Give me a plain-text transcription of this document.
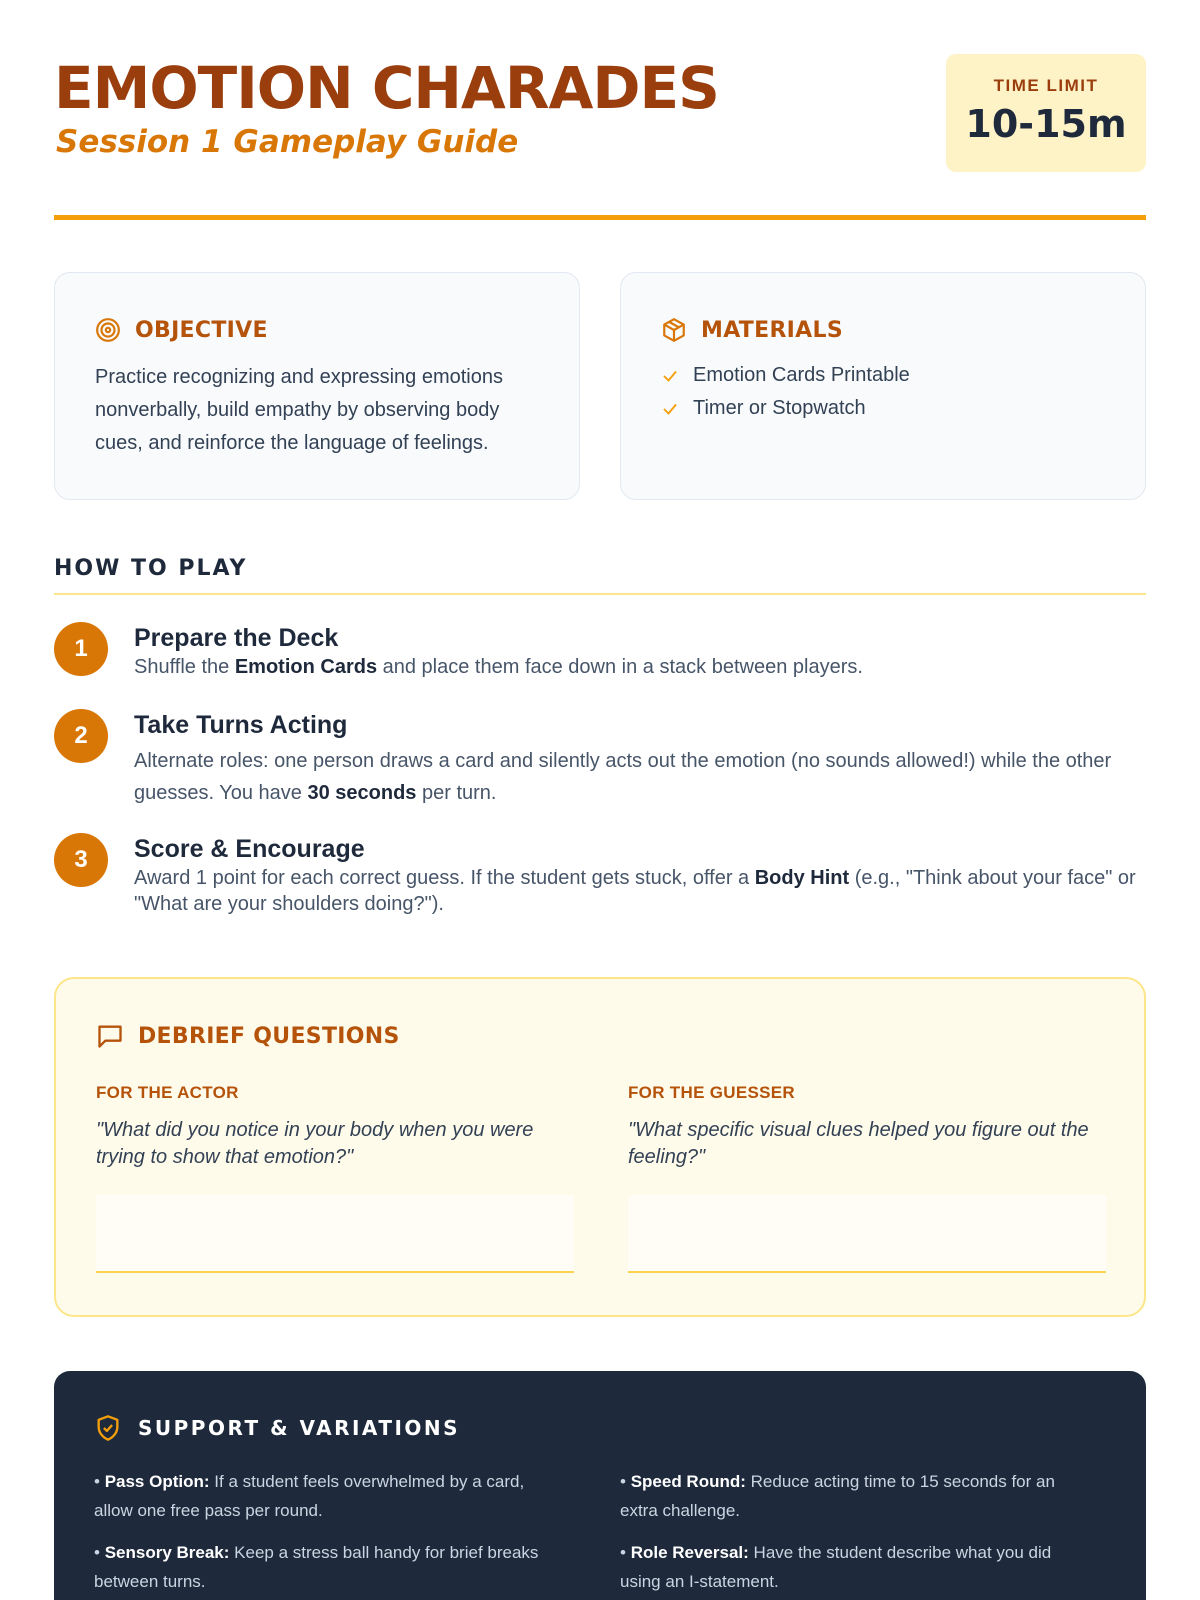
EMOTION CHARADES
Session 1 Gameplay Guide
TIME LIMIT
10-15m
OBJECTIVE

Practice recognizing and expressing emotions nonverbally, build empathy by observing body cues, and reinforce the language of feelings.

MATERIALS
Emotion Cards Printable
Timer or Stopwatch
HOW TO PLAY
1	Prepare the Deck

Shuffle the Emotion Cards and place them face down in a stack between players.

2	Take Turns Acting

Alternate roles: one person draws a card and silently acts out the emotion (no sounds allowed!) while the other guesses. You have 30 seconds per turn.

3	Score & Encourage

Award 1 point for each correct guess. If the student gets stuck, offer a Body Hint (e.g., "Think about your face" or "What are your shoulders doing?").

DEBRIEF QUESTIONS
FOR THE ACTOR

"What did you notice in your body when you were trying to show that emotion?"

FOR THE GUESSER

"What specific visual clues helped you figure out the feeling?"

SUPPORT & VARIATIONS

• Pass Option: If a student feels overwhelmed by a card, allow one free pass per round.

• Sensory Break: Keep a stress ball handy for brief breaks between turns.

• Speed Round: Reduce acting time to 15 seconds for an extra challenge.

• Role Reversal: Have the student describe what you did using an I-statement.
